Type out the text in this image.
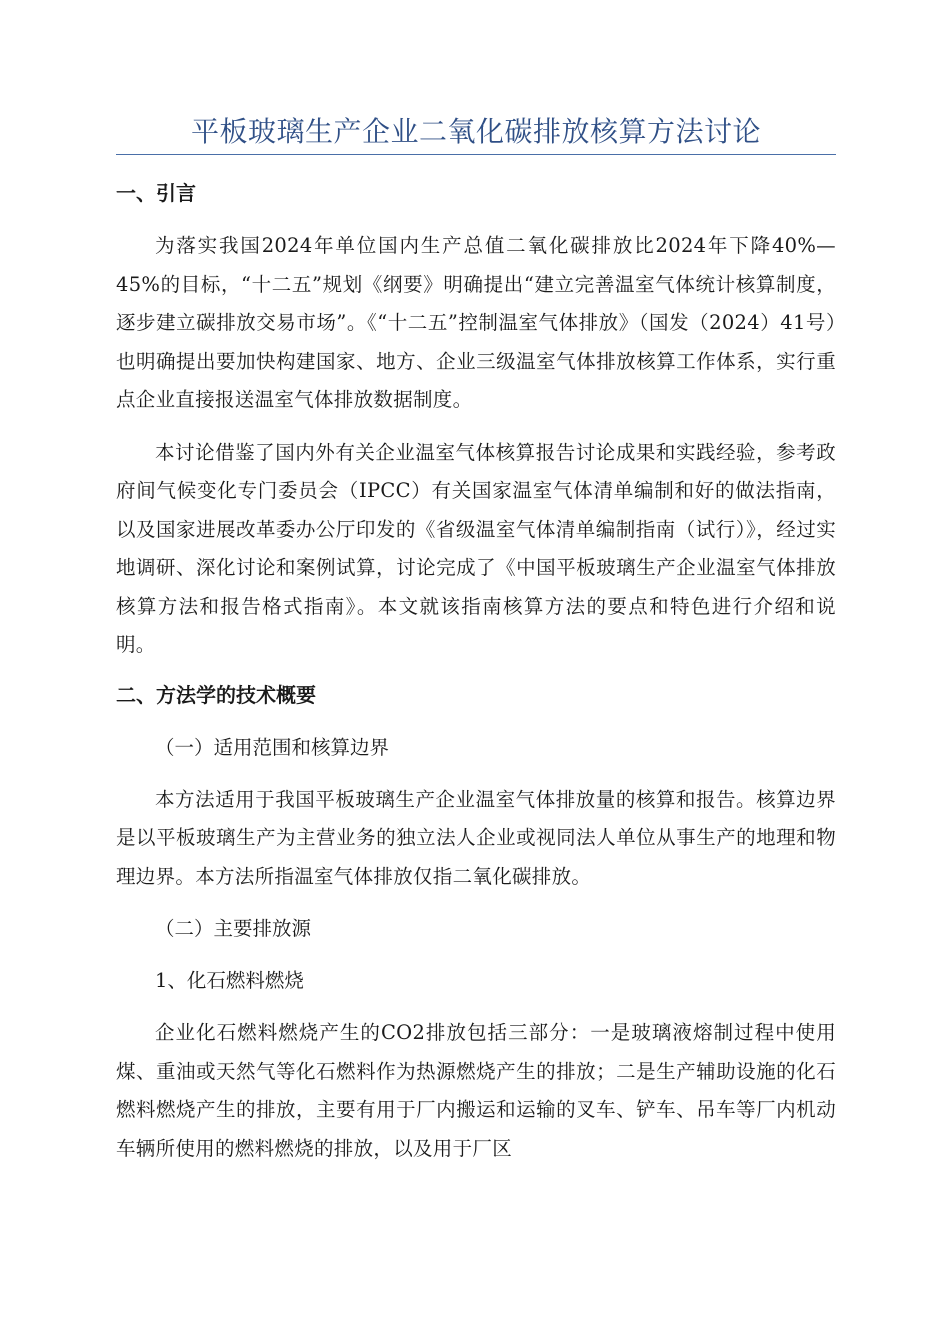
平板玻璃生产企业二氧化碳排放核算方法讨论
一、引言

为落实我国2024年单位国内生产总值二氧化碳排放比2024年下降40%—45%的目标，“十二五”规划《纲要》明确提出“建立完善温室气体统计核算制度，逐步建立碳排放交易市场”。《“十二五”控制温室气体排放》（国发（2024）41号）也明确提出要加快构建国家、地方、企业三级温室气体排放核算工作体系，实行重点企业直接报送温室气体排放数据制度。

本讨论借鉴了国内外有关企业温室气体核算报告讨论成果和实践经验，参考政府间气候变化专门委员会（IPCC）有关国家温室气体清单编制和好的做法指南，以及国家进展改革委办公厅印发的《省级温室气体清单编制指南（试行）》，经过实地调研、深化讨论和案例试算，讨论完成了《中国平板玻璃生产企业温室气体排放核算方法和报告格式指南》。本文就该指南核算方法的要点和特色进行介绍和说明。

二、方法学的技术概要
（一）适用范围和核算边界

本方法适用于我国平板玻璃生产企业温室气体排放量的核算和报告。核算边界是以平板玻璃生产为主营业务的独立法人企业或视同法人单位从事生产的地理和物理边界。本方法所指温室气体排放仅指二氧化碳排放。

（二）主要排放源
1、化石燃料燃烧

企业化石燃料燃烧产生的CO2排放包括三部分：一是玻璃液熔制过程中使用煤、重油或天然气等化石燃料作为热源燃烧产生的排放；二是生产辅助设施的化石燃料燃烧产生的排放，主要有用于厂内搬运和运输的叉车、铲车、吊车等厂内机动车辆所使用的燃料燃烧的排放，以及用于厂区
